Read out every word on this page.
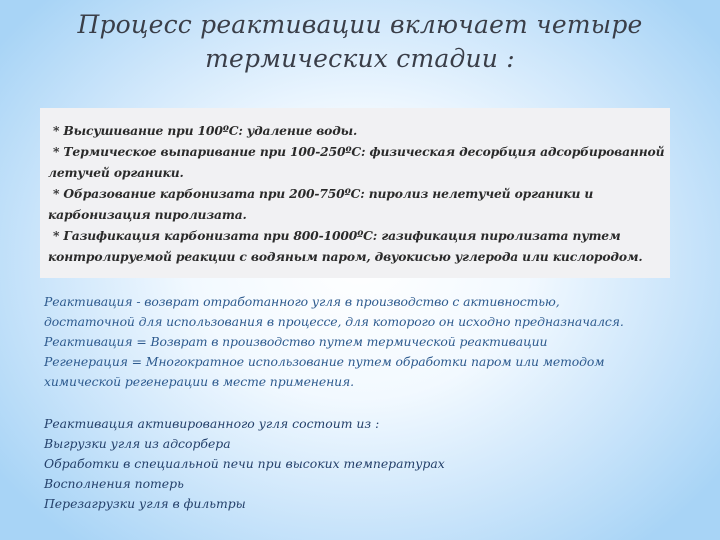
Процесс реактивации включает четыре
термических стадии :
* Высушивание при 100ºС: удаление воды.
* Термическое выпаривание при 100-250ºС: физическая десорбция адсорбированной
летучей органики.
* Образование карбонизата при 200-750ºС: пиролиз нелетучей органики и
карбонизация пиролизата.
* Газификация карбонизата при 800-1000ºС: газификация пиролизата путем
контролируемой реакции с водяным паром, двуокисью углерода или кислородом.
Реактивация - возврат отработанного угля в производство с активностью,
достаточной для использования в процессе, для которого он исходно предназначался.
Реактивация = Возврат в производство путем термической реактивации
Регенерация = Многократное использование путем обработки паром или методом
химической регенерации в месте применения.
Реактивация активированного угля состоит из :
Выгрузки угля из адсорбера
Обработки в специальной печи при высоких температурах
Восполнения потерь
Перезагрузки угля в фильтры
